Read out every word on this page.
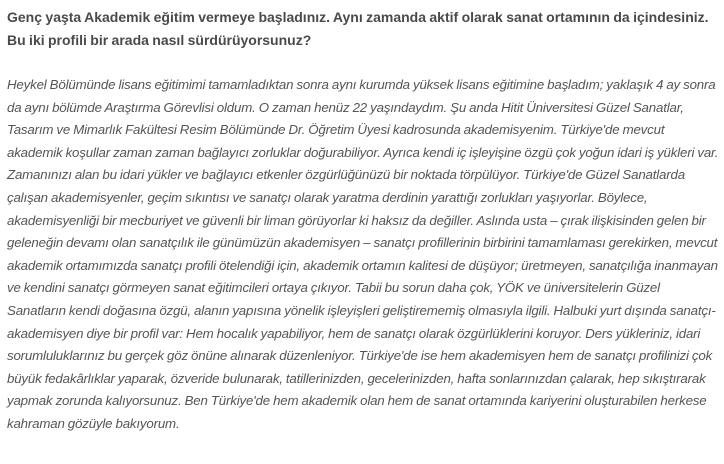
Genç yaşta Akademik eğitim vermeye başladınız. Aynı zamanda aktif olarak sanat ortamının da içindesiniz. Bu iki profili bir arada nasıl sürdürüyorsunuz?

Heykel Bölümünde lisans eğitimimi tamamladıktan sonra aynı kurumda yüksek lisans eğitimine başladım; yaklaşık 4 ay sonra da aynı bölümde Araştırma Görevlisi oldum. O zaman henüz 22 yaşındaydım. Şu anda Hitit Üniversitesi Güzel Sanatlar, Tasarım ve Mimarlık Fakültesi Resim Bölümünde Dr. Öğretim Üyesi kadrosunda akademisyenim. Türkiye'de mevcut akademik koşullar zaman zaman bağlayıcı zorluklar doğurabiliyor. Ayrıca kendi iç işleyişine özgü çok yoğun idari iş yükleri var. Zamanınızı alan bu idari yükler ve bağlayıcı etkenler özgürlüğünüzü bir noktada törpülüyor. Türkiye'de Güzel Sanatlarda çalışan akademisyenler, geçim sıkıntısı ve sanatçı olarak yaratma derdinin yarattığı zorlukları yaşıyorlar. Böylece, akademisyenliği bir mecburiyet ve güvenli bir liman görüyorlar ki haksız da değiller. Aslında usta – çırak ilişkisinden gelen bir geleneğin devamı olan sanatçılık ile günümüzün akademisyen – sanatçı profillerinin birbirini tamamlaması gerekirken, mevcut akademik ortamımızda sanatçı profili ötelendiği için, akademik ortamın kalitesi de düşüyor; üretmeyen, sanatçılığa inanmayan ve kendini sanatçı görmeyen sanat eğitimcileri ortaya çıkıyor. Tabii bu sorun daha çok, YÖK ve üniversitelerin Güzel Sanatların kendi doğasına özgü, alanın yapısına yönelik işleyişleri geliştirememiş olmasıyla ilgili. Halbuki yurt dışında sanatçı- akademisyen diye bir profil var: Hem hocalık yapabiliyor, hem de sanatçı olarak özgürlüklerini koruyor. Ders yükleriniz, idari sorumluluklarınız bu gerçek göz önüne alınarak düzenleniyor. Türkiye'de ise hem akademisyen hem de sanatçı profilinizi çok büyük fedakârlıklar yaparak, özveride bulunarak, tatillerinizden, gecelerinizden, hafta sonlarınızdan çalarak, hep sıkıştırarak yapmak zorunda kalıyorsunuz. Ben Türkiye'de hem akademik olan hem de sanat ortamında kariyerini oluşturabilen herkese kahraman gözüyle bakıyorum.
